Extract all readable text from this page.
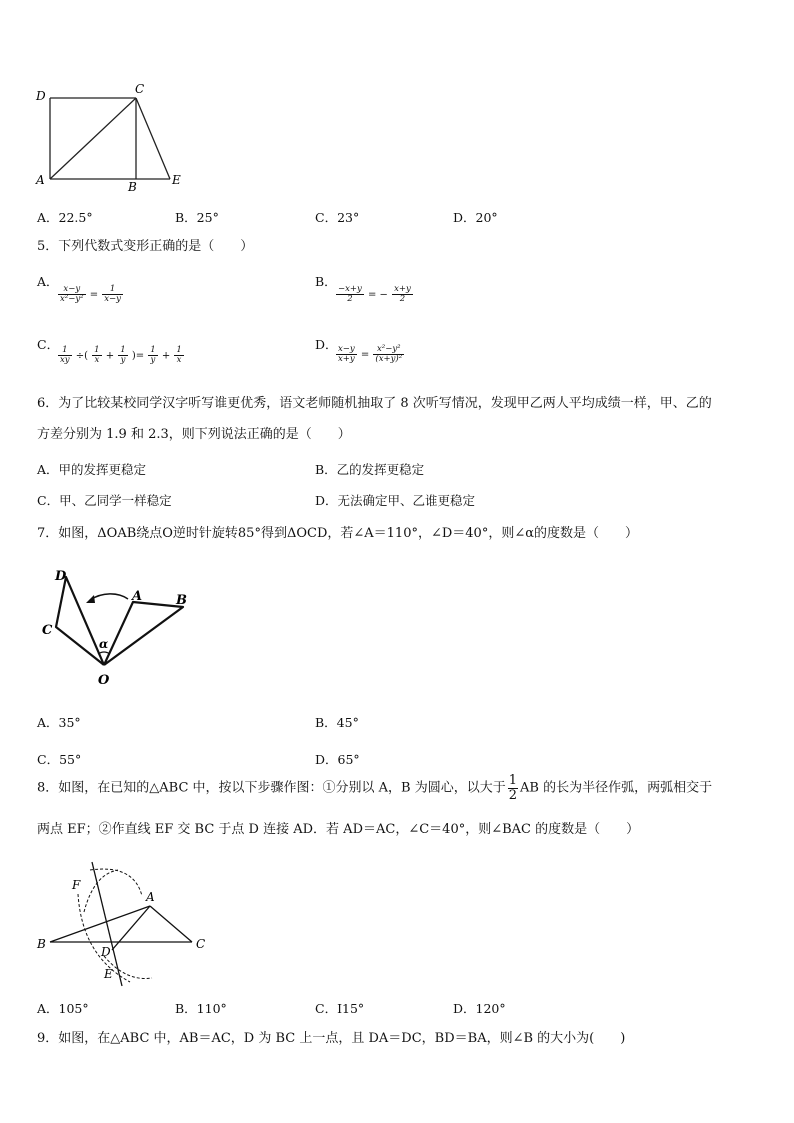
D	C
A	B	E
A．22.5°	B．25°	C．23°	D．20°
5．下列代数式变形正确的是（　　）
A．
$\frac{x-y}{\text{x²−y²}} = \frac{1}{x-y}$
B．
$\frac{-x+y}{2}$ = − $\frac{x+y}{2}$
C．
$\frac{1}{xy}$ ÷( $\frac{1}{x} + \frac{1}{y}$ )= $\frac{1}{y} + \frac{1}{x}$
D．
$\frac{x-y}{x+y} = \frac{\text{x²−y²}}{\text{(x+y)²}}$
6．为了比较某校同学汉字听写谁更优秀，语文老师随机抽取了 8 次听写情况，发现甲乙两人平均成绩一样，甲、乙的
方差分别为 1.9 和 2.3，则下列说法正确的是（　　）
A．甲的发挥更稳定	B．乙的发挥更稳定
C．甲、乙同学一样稳定	D．无法确定甲、乙谁更稳定
7．如图，ΔOAB绕点O逆时针旋转85°得到ΔOCD，若∠A＝110°，∠D＝40°，则∠α的度数是（　　）
D
C
A	B
O
α
A．35°	B．45°
C．55°	D．65°
8．如图，在已知的△ABC 中，按以下步骤作图：①分别以 A，B 为圆心，以大于 $\frac{1}{2}$ AB 的长为半径作弧，两弧相交于
两点 EF；②作直线 EF 交 BC 于点 D 连接 AD．若 AD＝AC，∠C＝40°，则∠BAC 的度数是（　　）
F
A
B
D
C
E
A．105°	B．110°	C．I15°	D．120°
9．如图，在△ABC 中，AB＝AC，D 为 BC 上一点，且 DA＝DC，BD＝BA，则∠B 的大小为(　　)
